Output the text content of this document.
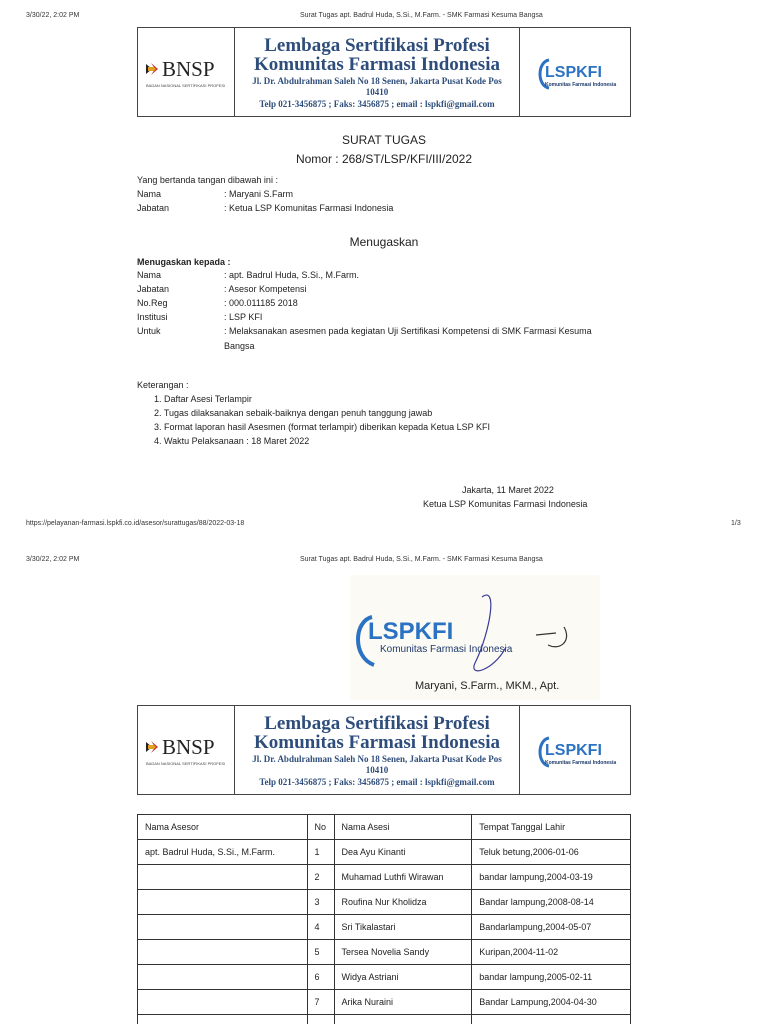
3/30/22, 2:02 PM	Surat Tugas apt. Badrul Huda, S.Si., M.Farm. - SMK Farmasi Kesuma Bangsa
BNSP
BADAN NASIONAL SERTIFIKASI PROFESI
Lembaga Sertifikasi Profesi
Komunitas Farmasi Indonesia
Jl. Dr. Abdulrahman Saleh No 18 Senen, Jakarta Pusat Kode Pos
10410
Telp 021-3456875 ; Faks: 3456875 ; email : lspkfi@gmail.com
LSPKFI
Komunitas Farmasi Indonesia
SURAT TUGAS
Nomor : 268/ST/LSP/KFI/III/2022
Yang bertanda tangan dibawah ini :
Nama	: Maryani S.Farm
Jabatan	: Ketua LSP Komunitas Farmasi Indonesia
Menugaskan
Menugaskan kepada :
Nama	: apt. Badrul Huda, S.Si., M.Farm.
Jabatan	: Asesor Kompetensi
No.Reg	: 000.011185 2018
Institusi	: LSP KFI
Untuk	: Melaksanakan asesmen pada kegiatan Uji Sertifikasi Kompetensi di SMK Farmasi Kesuma
Bangsa
Keterangan :
1. Daftar Asesi Terlampir
2. Tugas dilaksanakan sebaik-baiknya dengan penuh tanggung jawab
3. Format laporan hasil Asesmen (format terlampir) diberikan kepada Ketua LSP KFI
4. Waktu Pelaksanaan : 18 Maret 2022
Jakarta, 11 Maret 2022
Ketua LSP Komunitas Farmasi Indonesia
https://pelayanan-farmasi.lspkfi.co.id/asesor/surattugas/88/2022-03-18	1/3
3/30/22, 2:02 PM	Surat Tugas apt. Badrul Huda, S.Si., M.Farm. - SMK Farmasi Kesuma Bangsa
LSPKFI
Komunitas Farmasi Indonesia
Maryani, S.Farm., MKM., Apt.
BNSP
BADAN NASIONAL SERTIFIKASI PROFESI
Lembaga Sertifikasi Profesi
Komunitas Farmasi Indonesia
Jl. Dr. Abdulrahman Saleh No 18 Senen, Jakarta Pusat Kode Pos
10410
Telp 021-3456875 ; Faks: 3456875 ; email : lspkfi@gmail.com
LSPKFI
Komunitas Farmasi Indonesia
Nama Asesor	No	Nama Asesi	Tempat Tanggal Lahir
apt. Badrul Huda, S.Si., M.Farm.	1	Dea Ayu Kinanti	Teluk betung,2006-01-06
	2	Muhamad Luthfi Wirawan	bandar lampung,2004-03-19
	3	Roufina Nur Kholidza	Bandar lampung,2008-08-14
	4	Sri Tikalastari	Bandarlampung,2004-05-07
	5	Tersea Novelia Sandy	Kuripan,2004-11-02
	6	Widya Astriani	bandar lampung,2005-02-11
	7	Arika Nuraini	Bandar Lampung,2004-04-30
